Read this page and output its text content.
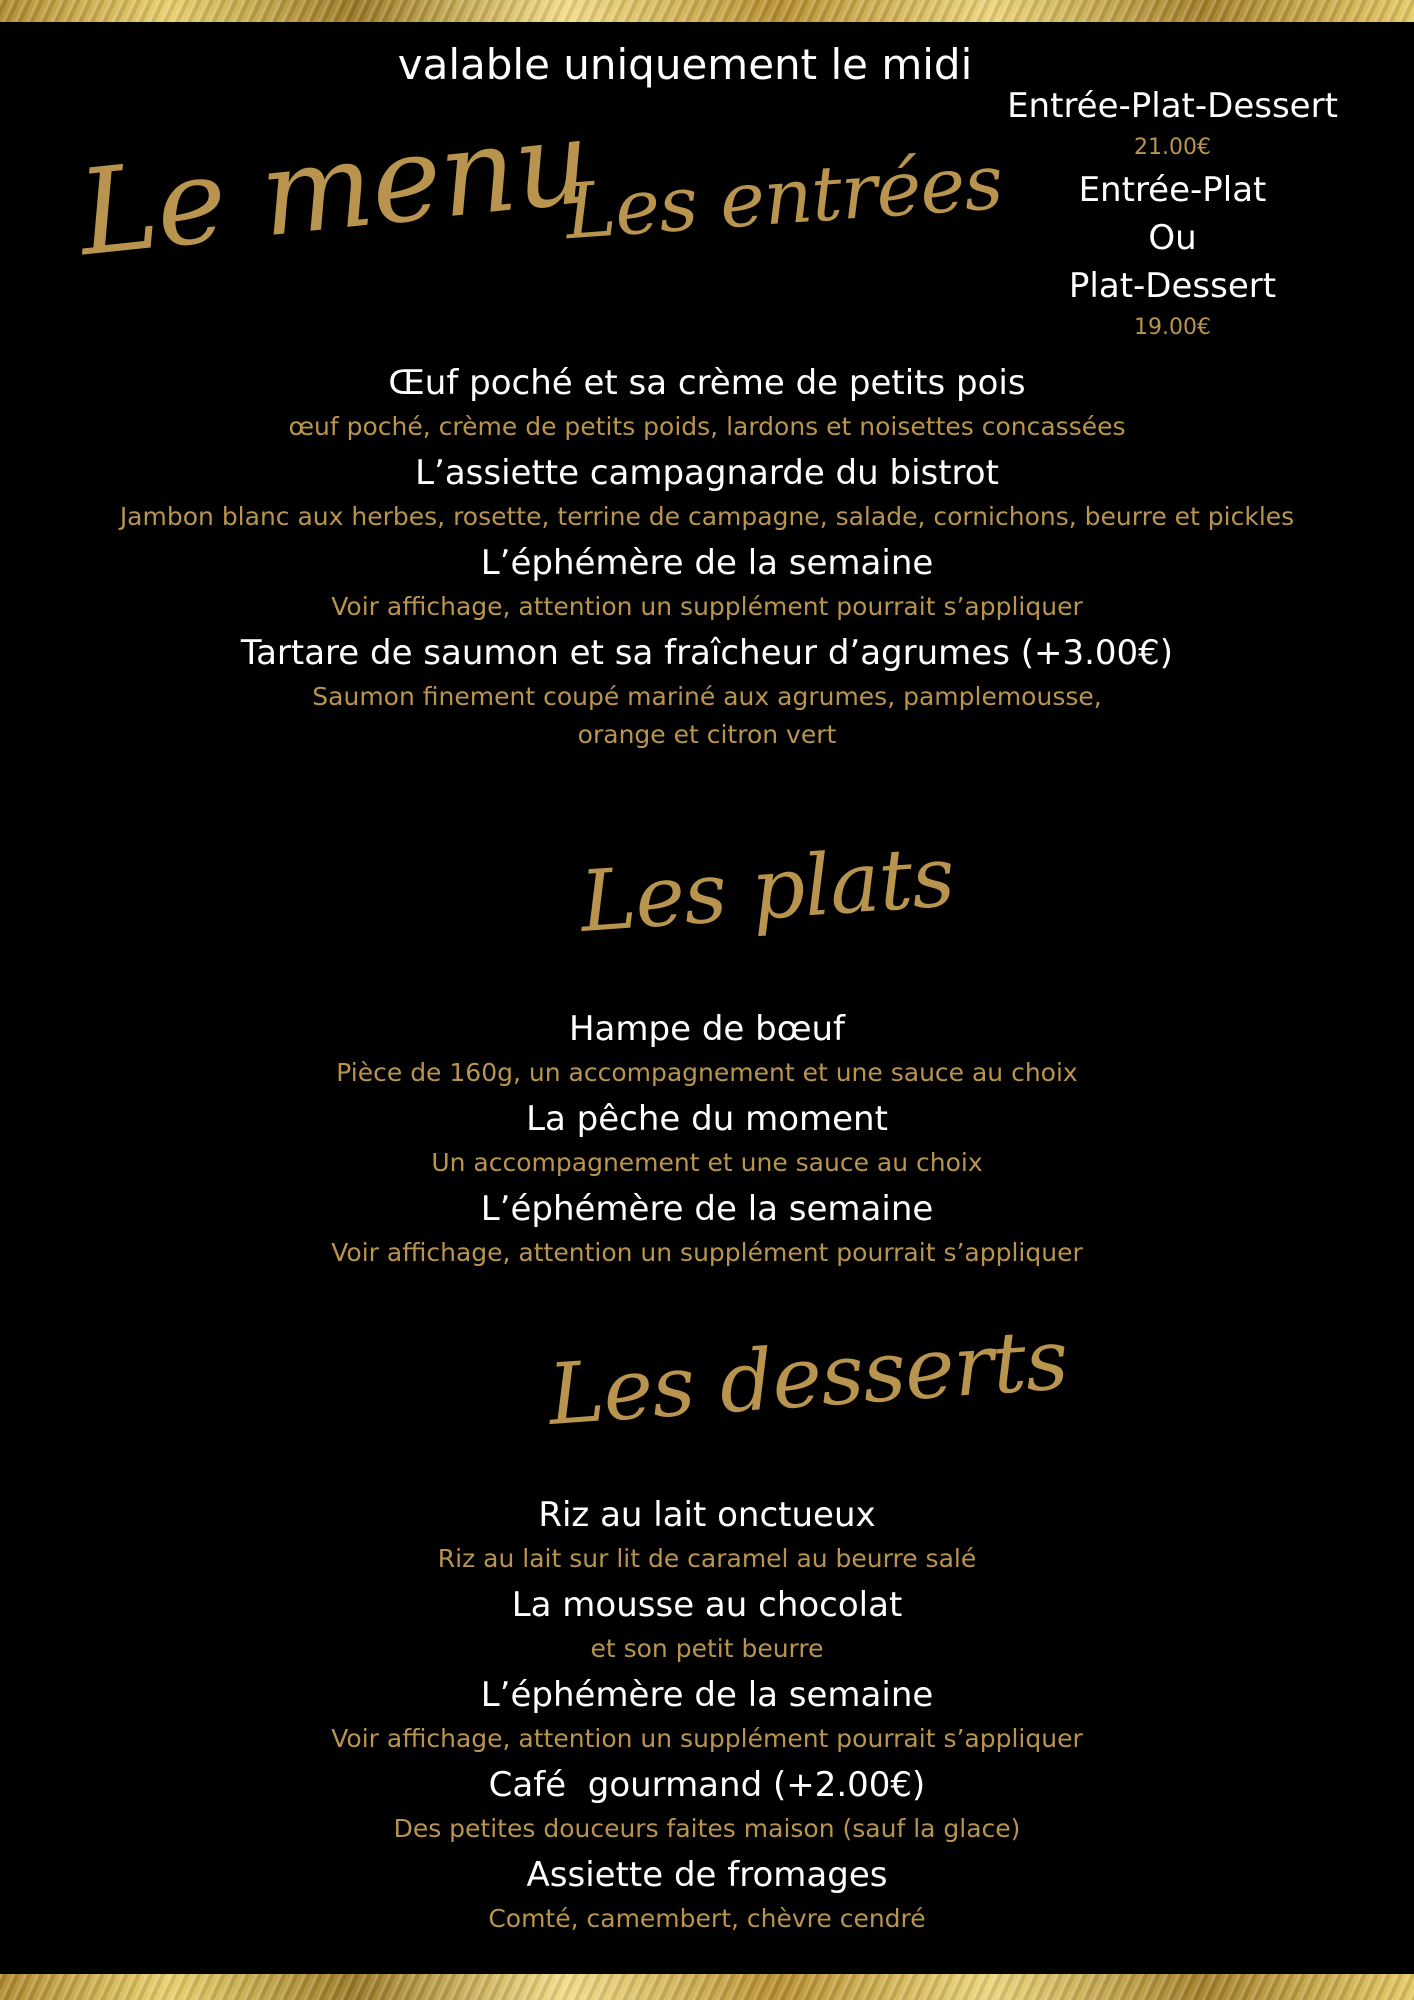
valable uniquement le midi
Le menu
Les entrées
Entrée-Plat-Dessert
21.00€
Entrée-Plat
Ou
Plat-Dessert
19.00€
Œuf poché et sa crème de petits pois
œuf poché, crème de petits poids, lardons et noisettes concassées
L’assiette campagnarde du bistrot
Jambon blanc aux herbes, rosette, terrine de campagne, salade, cornichons, beurre et pickles
L’éphémère de la semaine
Voir affichage, attention un supplément pourrait s’appliquer
Tartare de saumon et sa fraîcheur d’agrumes (+3.00€)
Saumon finement coupé mariné aux agrumes, pamplemousse,
orange et citron vert
Les plats
Hampe de bœuf
Pièce de 160g, un accompagnement et une sauce au choix
La pêche du moment
Un accompagnement et une sauce au choix
L’éphémère de la semaine
Voir affichage, attention un supplément pourrait s’appliquer
Les desserts
Riz au lait onctueux
Riz au lait sur lit de caramel au beurre salé
La mousse au chocolat
et son petit beurre
L’éphémère de la semaine
Voir affichage, attention un supplément pourrait s’appliquer
Café  gourmand (+2.00€)
Des petites douceurs faites maison (sauf la glace)
Assiette de fromages
Comté, camembert, chèvre cendré
